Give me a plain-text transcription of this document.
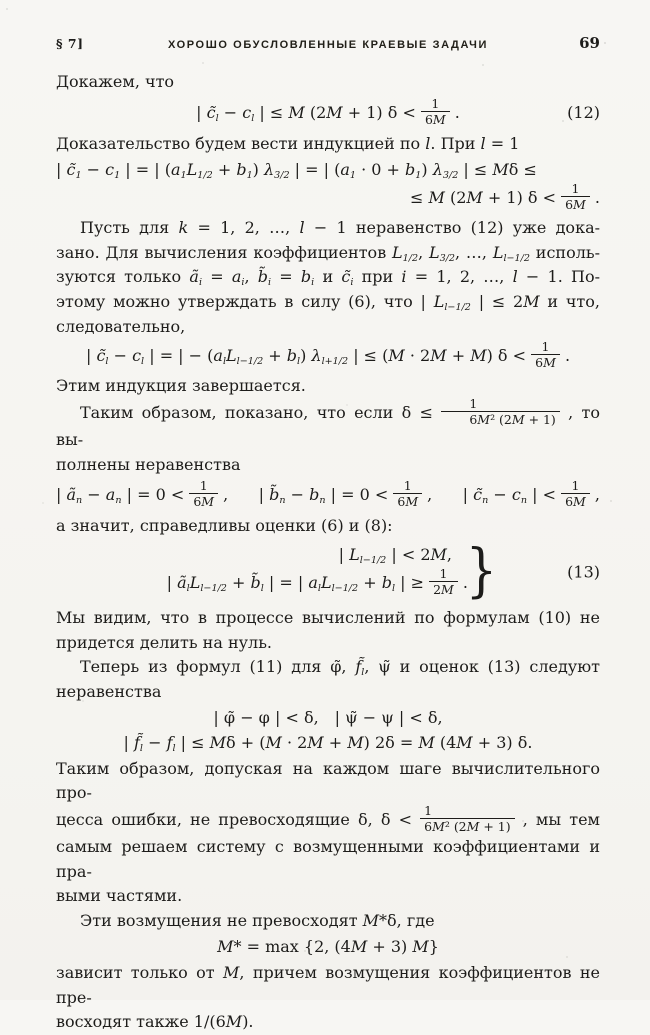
§ 7]	ХОРОШО ОБУСЛОВЛЕННЫЕ КРАЕВЫЕ ЗАДАЧИ	69

Докажем, что

| $c̃_l - c_l$ | ≤ M (2M + 1) $\delta < \frac{1}{6M}$ .	(12)

Доказательство будем вести индукцией по l. При l = 1

| $c̃_1 - c_1$ | = | $(a_1L_{1/2} + b_1)$ $\lambda_{3/2}$ | = | $(a_1 \cdot 0 + b_1)$ $\lambda_{3/2}$ | ≤ Mδ ≤
≤ M (2M + 1) $\delta < \frac{1}{6M}$ .

Пусть для k = 1, 2, …, l − 1 неравенство (12) уже дока-

зано. Для вычисления коэффициентов $L_{1/2}$, $L_{3/2}$, …, $L_{l-1/2}$ исполь-

зуются только $ã_i = a_i$, $b̃_i = b_i$ и $c̃_i$ при i = 1, 2, …, l − 1. По-

этому можно утверждать в силу (6), что | $L_{l-1/2}$ | ≤ 2M и что,

следовательно,

| $c̃_l - c_l$ | = | − $(a_lL_{l-1/2} + b_l)$ $\lambda_{l+1/2}$ | ≤ (M · 2M + M) $\delta < \frac{1}{6M}$ .

Этим индукция завершается.

Таким образом, показано, что если $\delta \le \frac{1}{\text{6M² (2M + 1)}}$ , то вы-

полнены неравенства

| $ã_n - a_n$ | = $0 < \frac{1}{6M}$ , | $b̃_n - b_n$ | = $0 < \frac{1}{6M}$ , | $c̃_n - c_n$ | < $\frac{1}{6M}$ ,

а значит, справедливы оценки (6) и (8):

| $L_{l-1/2}$ | < 2M,
| $ã_lL_{l-1/2}$ + $b̃_l$ | = | $a_lL_{l-1/2} + b_l$ | ≥ $\frac{1}{2M}$ .
}	(13)

Мы видим, что в процессе вычислений по формулам (10) не

придется делить на нуль.

Теперь из формул (11) для φ̃, $f̃_l$, ψ̃ и оценок (13) следуют

неравенства

| φ̃ − φ | < δ,  | ψ̃ − ψ | < δ,
| $f̃_l - f_l$ | ≤ Mδ + (M · 2M + M) 2δ = M (4M + 3) δ.

Таким образом, допуская на каждом шаге вычислительного про-

цесса ошибки, не превосходящие δ, $\delta < \frac{1}{\text{6M² (2M + 1)}}$ , мы тем

самым решаем систему с возмущенными коэффициентами и пра-

выми частями.

Эти возмущения не превосходят M*δ, где

M* = max {2, (4M + 3) M}

зависит только от M, причем возмущения коэффициентов не пре-

восходят также 1/(6M).
